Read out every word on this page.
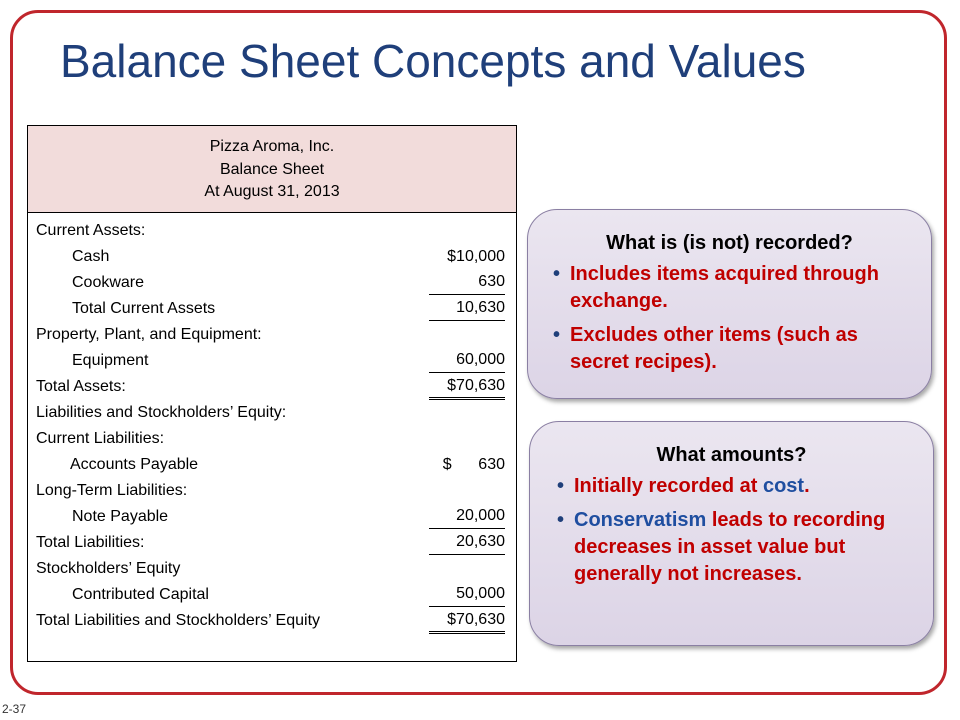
Balance Sheet Concepts and Values
Pizza Aroma, Inc.
Balance Sheet
At August 31, 2013
Current Assets:
Cash	$10,000
Cookware	630
Total Current Assets	10,630
Property, Plant, and Equipment:
Equipment	60,000
Total Assets:	$70,630
Liabilities and Stockholders’ Equity:
Current Liabilities:
Accounts Payable	$      630
Long-Term Liabilities:
Note Payable	20,000
Total Liabilities:	20,630
Stockholders’ Equity
Contributed Capital	50,000
Total Liabilities and Stockholders’ Equity	$70,630
What is (is not) recorded?
• Includes items acquired through exchange.
• Excludes other items (such as secret recipes).
What amounts?
• Initially recorded at cost.
• Conservatism leads to recording decreases in asset value but generally not increases.
2-37
